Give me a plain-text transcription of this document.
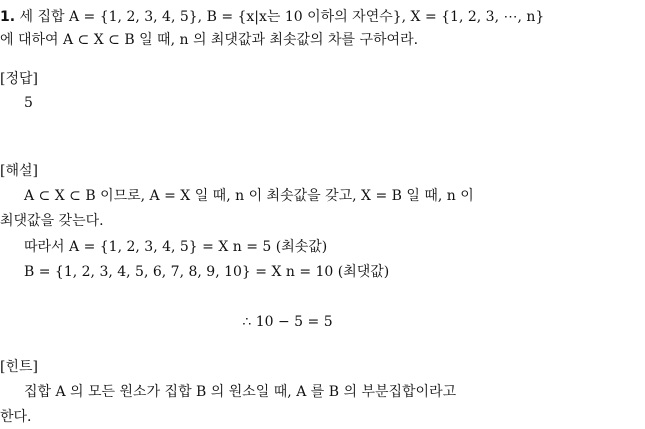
1. 세 집합 A = {1, 2, 3, 4, 5}, B = {x|x는 10 이하의 자연수}, X = {1, 2, 3, ⋯, n}
에 대하여 A ⊂ X ⊂ B 일 때, n 의 최댓값과 최솟값의 차를 구하여라.
[정답]
5
[해설]
A ⊂ X ⊂ B 이므로, A = X 일 때, n 이 최솟값을 갖고, X = B 일 때, n 이
최댓값을 갖는다.
따라서 A = {1, 2, 3, 4, 5} = X n = 5 (최솟값)
B = {1, 2, 3, 4, 5, 6, 7, 8, 9, 10} = X n = 10 (최댓값)
∴ 10 − 5 = 5
[힌트]
집합 A 의 모든 원소가 집합 B 의 원소일 때, A 를 B 의 부분집합이라고
한다.
